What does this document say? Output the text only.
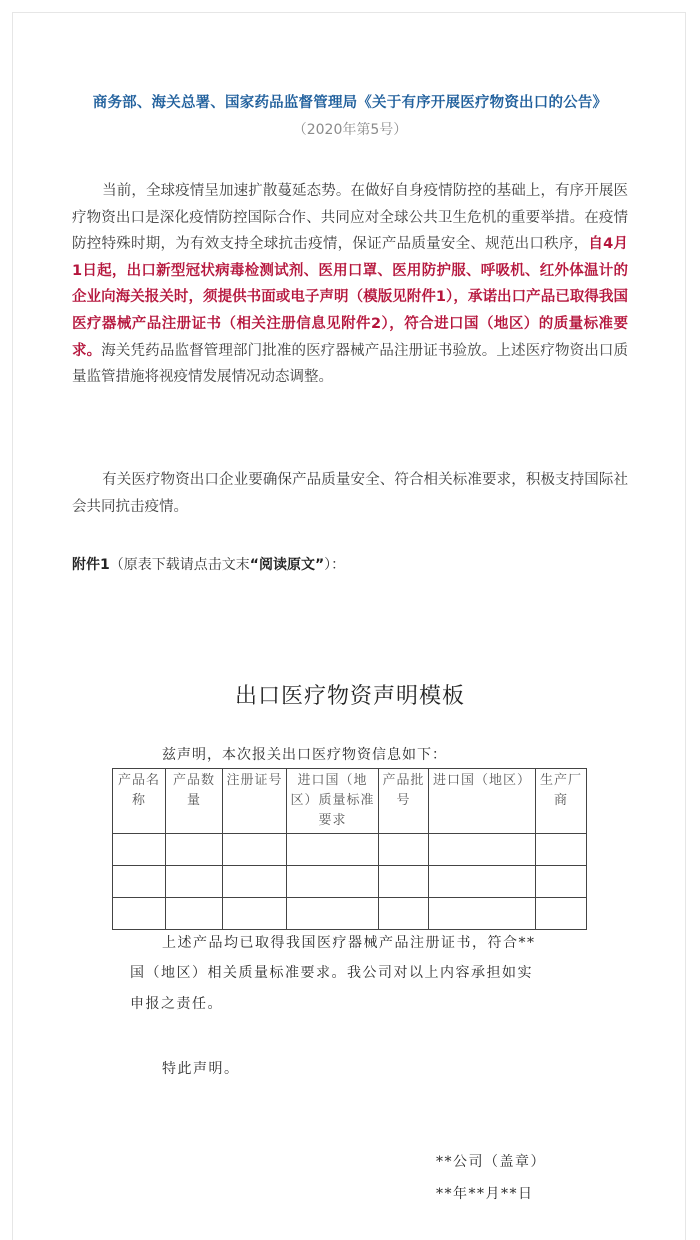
商务部、海关总署、国家药品监督管理局《关于有序开展医疗物资出口的公告》
（2020年第5号）
当前，全球疫情呈加速扩散蔓延态势。在做好自身疫情防控的基础上，有序开展医疗物资出口是深化疫情防控国际合作、共同应对全球公共卫生危机的重要举措。在疫情防控特殊时期，为有效支持全球抗击疫情，保证产品质量安全、规范出口秩序，自4月1日起，出口新型冠状病毒检测试剂、医用口罩、医用防护服、呼吸机、红外体温计的企业向海关报关时，须提供书面或电子声明（模版见附件1），承诺出口产品已取得我国医疗器械产品注册证书（相关注册信息见附件2），符合进口国（地区）的质量标准要求。海关凭药品监督管理部门批准的医疗器械产品注册证书验放。上述医疗物资出口质量监管措施将视疫情发展情况动态调整。
有关医疗物资出口企业要确保产品质量安全、符合相关标准要求，积极支持国际社会共同抗击疫情。
附件1（原表下载请点击文末“阅读原文”）：
出口医疗物资声明模板
兹声明，本次报关出口医疗物资信息如下：
产品名称	产品数量	注册证号	进口国（地区）质量标准要求	产品批号	进口国（地区）	生产厂商

上述产品均已取得我国医疗器械产品注册证书，符合**
国（地区）相关质量标准要求。我公司对以上内容承担如实
申报之责任。
特此声明。
**公司（盖章）
**年**月**日
